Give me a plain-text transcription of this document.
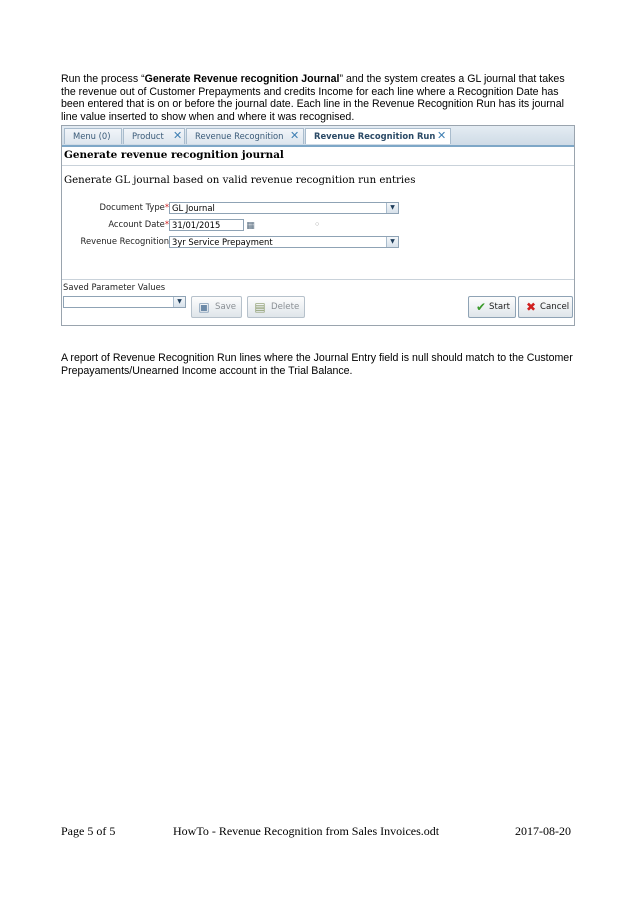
Run the process “Generate Revenue recognition Journal” and the system creates a GL journal that takes the revenue out of Customer Prepayments and credits Income for each line where a Recognition Date has been entered that is on or before the journal date. Each line in the Revenue Recognition Run has its journal line value inserted to show when and where it was recognised.
Menu (0)	Product ✕	Revenue Recognition ✕	Revenue Recognition Run ✕
Generate revenue recognition journal
Generate GL journal based on valid revenue recognition run entries
Document Type* GL Journal	▼
Account Date* 31/01/2015	▦	○
Revenue Recognition 3yr Service Prepayment	▼
Saved Parameter Values
▼ ▣ Save ▤ Delete	✔ Start ✖ Cancel
A report of Revenue Recognition Run lines where the Journal Entry field is null should match to the Customer Prepayaments/Unearned Income account in the Trial Balance.
Page 5 of 5	HowTo - Revenue Recognition from Sales Invoices.odt	2017-08-20
